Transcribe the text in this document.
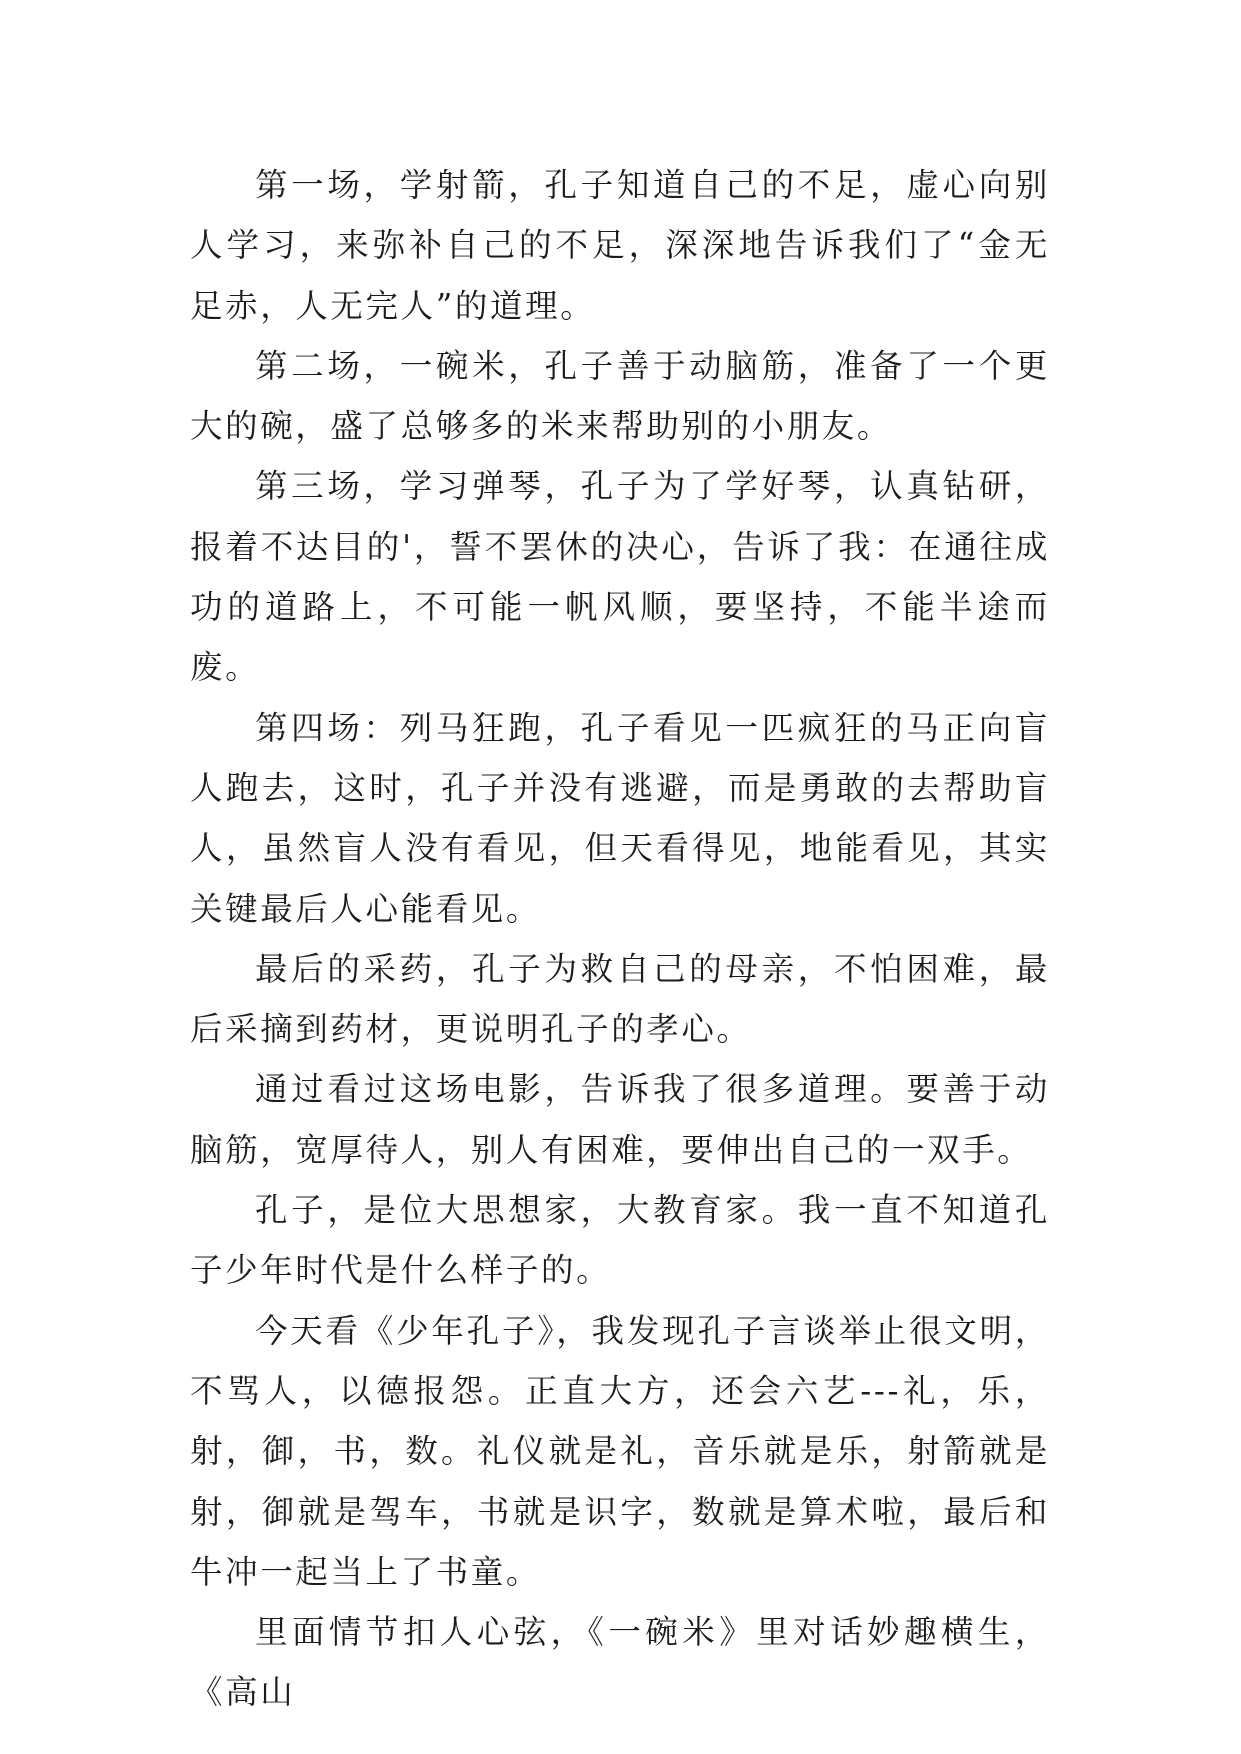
第一场，学射箭，孔子知道自己的不足，虚心向别人学习，来弥补自己的不足，深深地告诉我们了“金无足赤，人无完人”的道理。

第二场，一碗米，孔子善于动脑筋，准备了一个更大的碗，盛了总够多的米来帮助别的小朋友。

第三场，学习弹琴，孔子为了学好琴，认真钻研，报着不达目的'，誓不罢休的决心，告诉了我：在通往成功的道路上，不可能一帆风顺，要坚持，不能半途而废。

第四场：列马狂跑，孔子看见一匹疯狂的马正向盲人跑去，这时，孔子并没有逃避，而是勇敢的去帮助盲人，虽然盲人没有看见，但天看得见，地能看见，其实关键最后人心能看见。

最后的采药，孔子为救自己的母亲，不怕困难，最后采摘到药材，更说明孔子的孝心。

通过看过这场电影，告诉我了很多道理。要善于动脑筋，宽厚待人，别人有困难，要伸出自己的一双手。

孔子，是位大思想家，大教育家。我一直不知道孔子少年时代是什么样子的。

今天看《少年孔子》，我发现孔子言谈举止很文明，不骂人，以德报怨。正直大方，还会六艺---礼，乐，射，御，书，数。礼仪就是礼，音乐就是乐，射箭就是射，御就是驾车，书就是识字，数就是算术啦，最后和牛冲一起当上了书童。

里面情节扣人心弦，《一碗米》里对话妙趣横生，《高山
